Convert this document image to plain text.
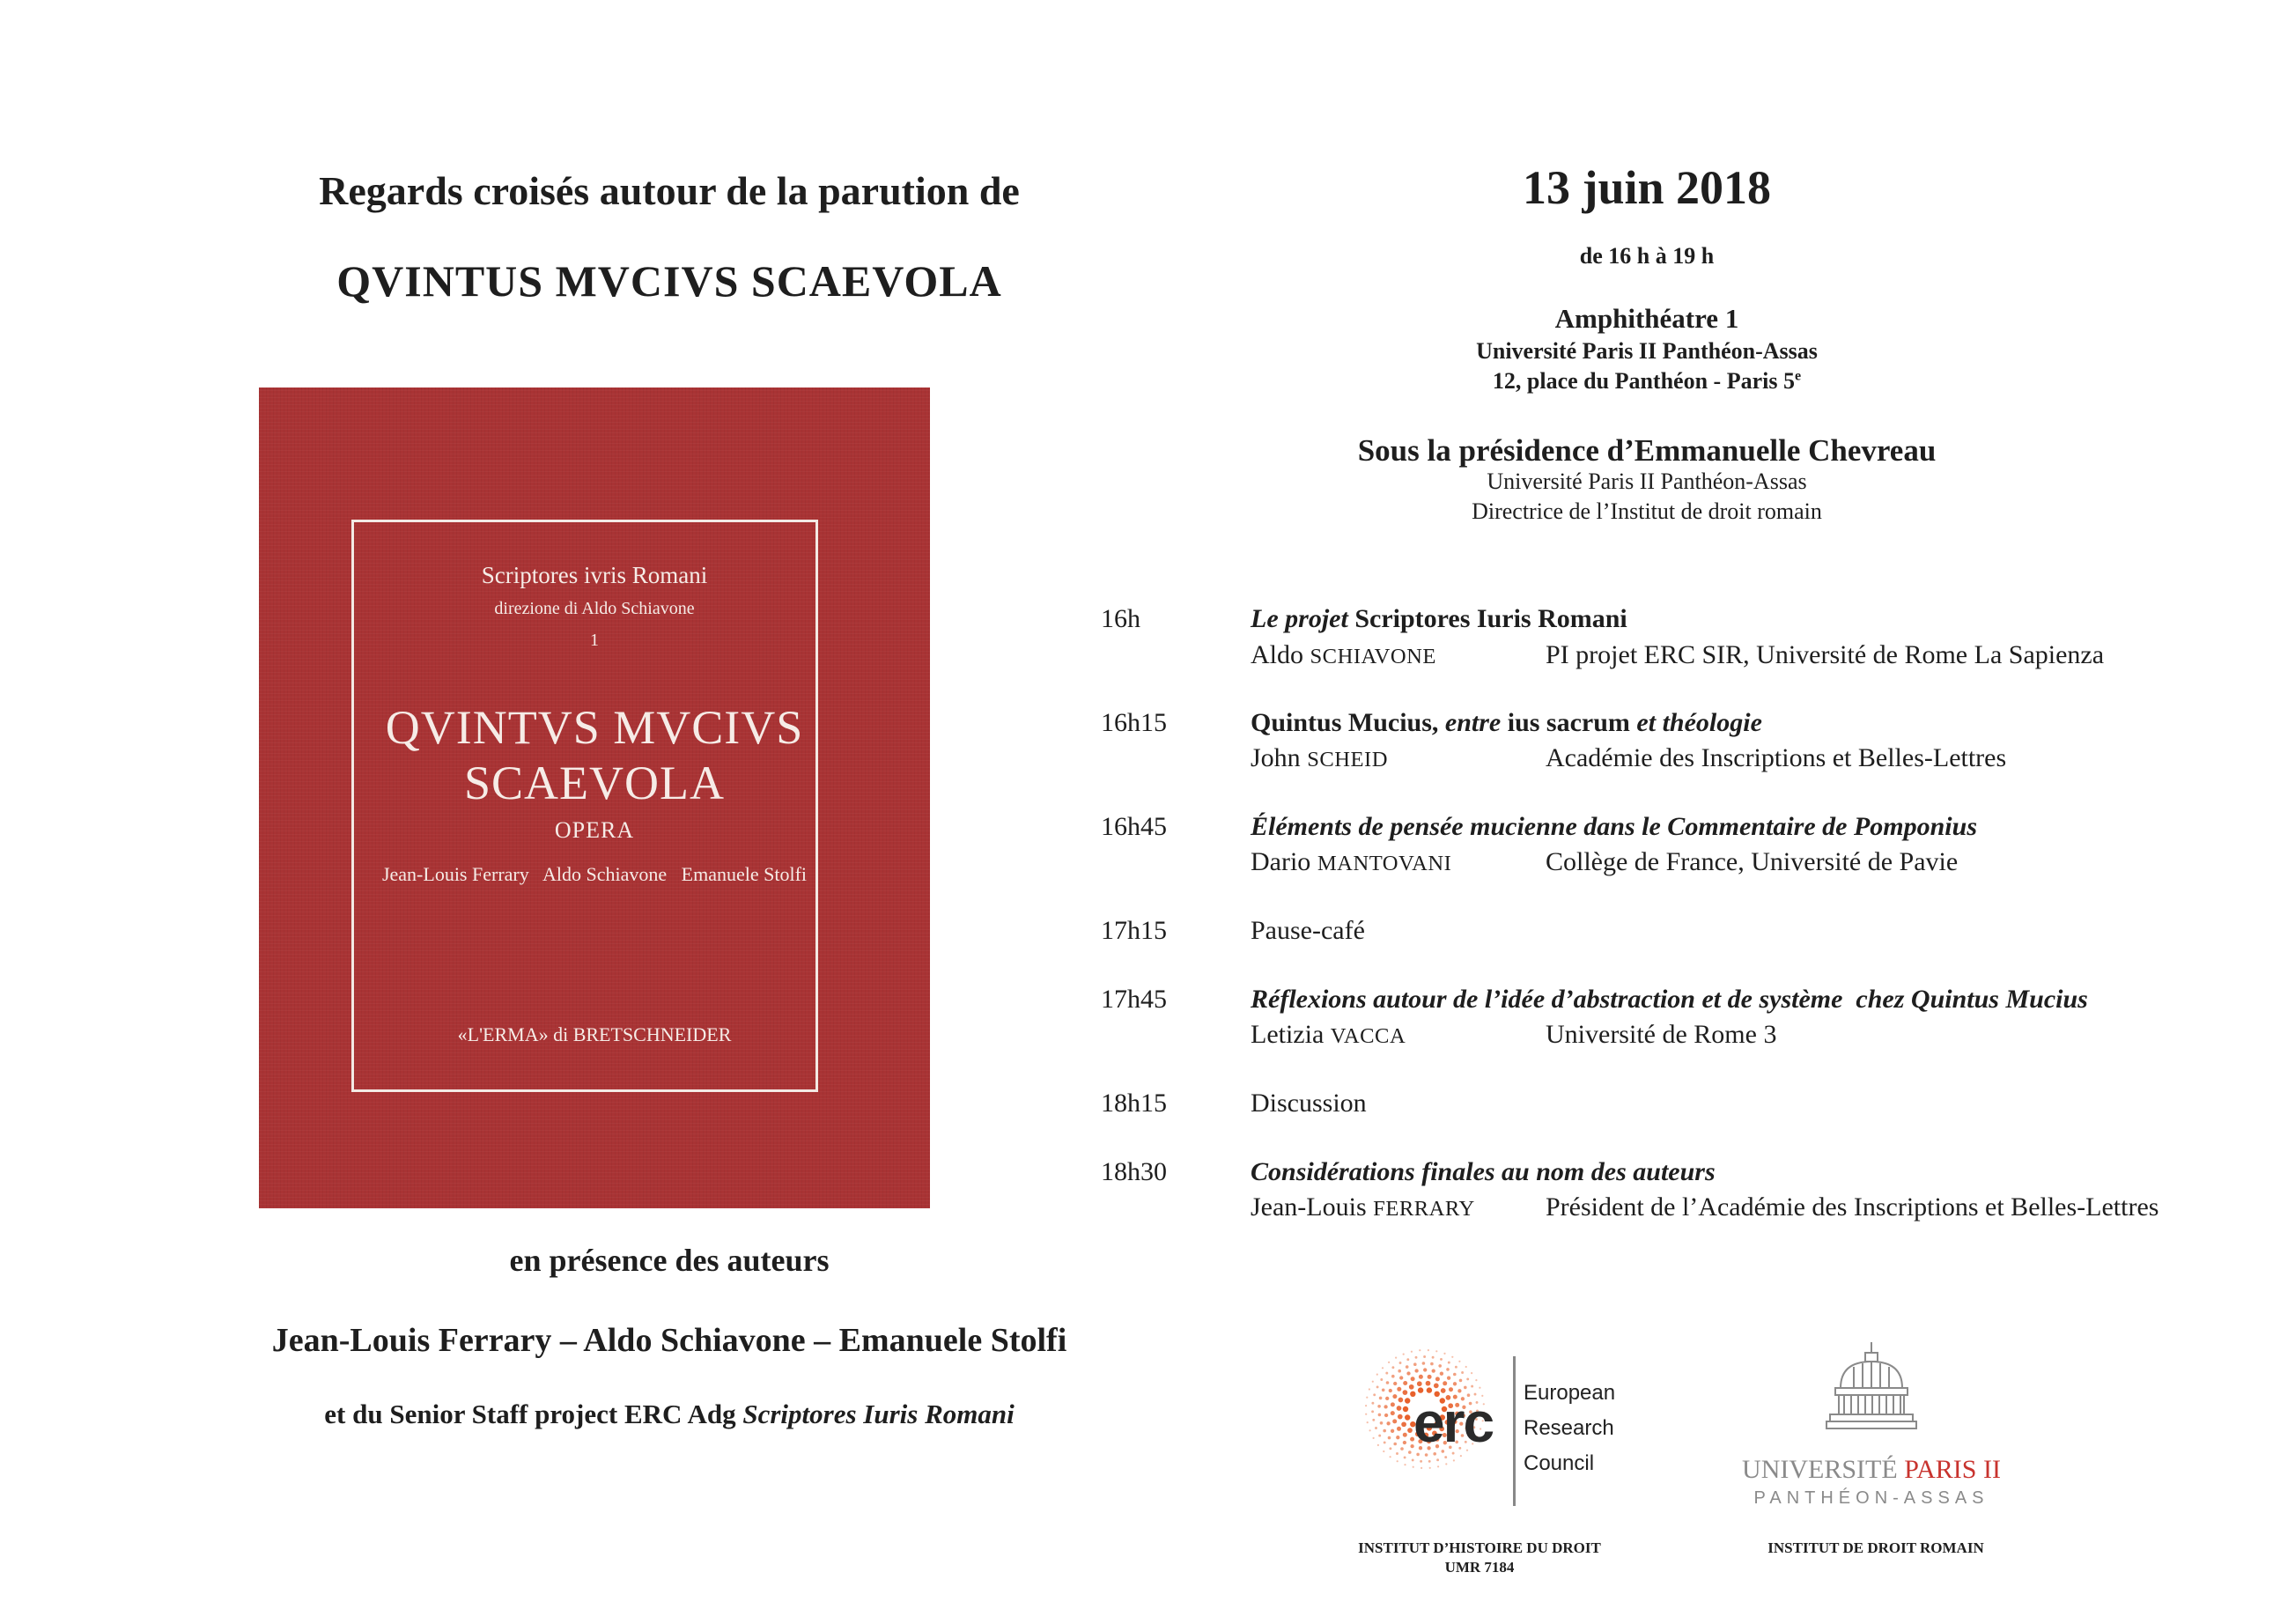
Regards croisés autour de la parution de
QVINTUS MVCIVS SCAEVOLA
Scriptores ivris Romani
direzione di Aldo Schiavone
1
QVINTVS MVCIVS
SCAEVOLA
OPERA
Jean-Louis Ferrary   Aldo Schiavone   Emanuele Stolfi
«L'ERMA» di BRETSCHNEIDER
en présence des auteurs
Jean-Louis Ferrary – Aldo Schiavone – Emanuele Stolfi
et du Senior Staff project ERC Adg Scriptores Iuris Romani
13 juin 2018
de 16 h à 19 h
Amphithéatre 1
Université Paris II Panthéon-Assas
12, place du Panthéon - Paris 5e
Sous la présidence d’Emmanuelle Chevreau
Université Paris II Panthéon-Assas
Directrice de l’Institut de droit romain
16h	Le projet Scriptores Iuris Romani
Aldo SCHIAVONE	PI projet ERC SIR, Université de Rome La Sapienza
16h15	Quintus Mucius, entre ius sacrum et théologie
John SCHEID	Académie des Inscriptions et Belles-Lettres
16h45	Éléments de pensée mucienne dans le Commentaire de Pomponius
Dario MANTOVANI	Collège de France, Université de Pavie
17h15	Pause-café
17h45	Réflexions autour de l’idée d’abstraction et de système  chez Quintus Mucius
Letizia VACCA	Université de Rome 3
18h15	Discussion
18h30	Considérations finales au nom des auteurs
Jean-Louis FERRARY	Président de l’Académie des Inscriptions et Belles-Lettres
erc European
Research
Council	UNIVERSITÉ PARIS II
PANTHÉON-ASSAS
INSTITUT D’HISTOIRE DU DROIT
UMR 7184
INSTITUT DE DROIT ROMAIN
